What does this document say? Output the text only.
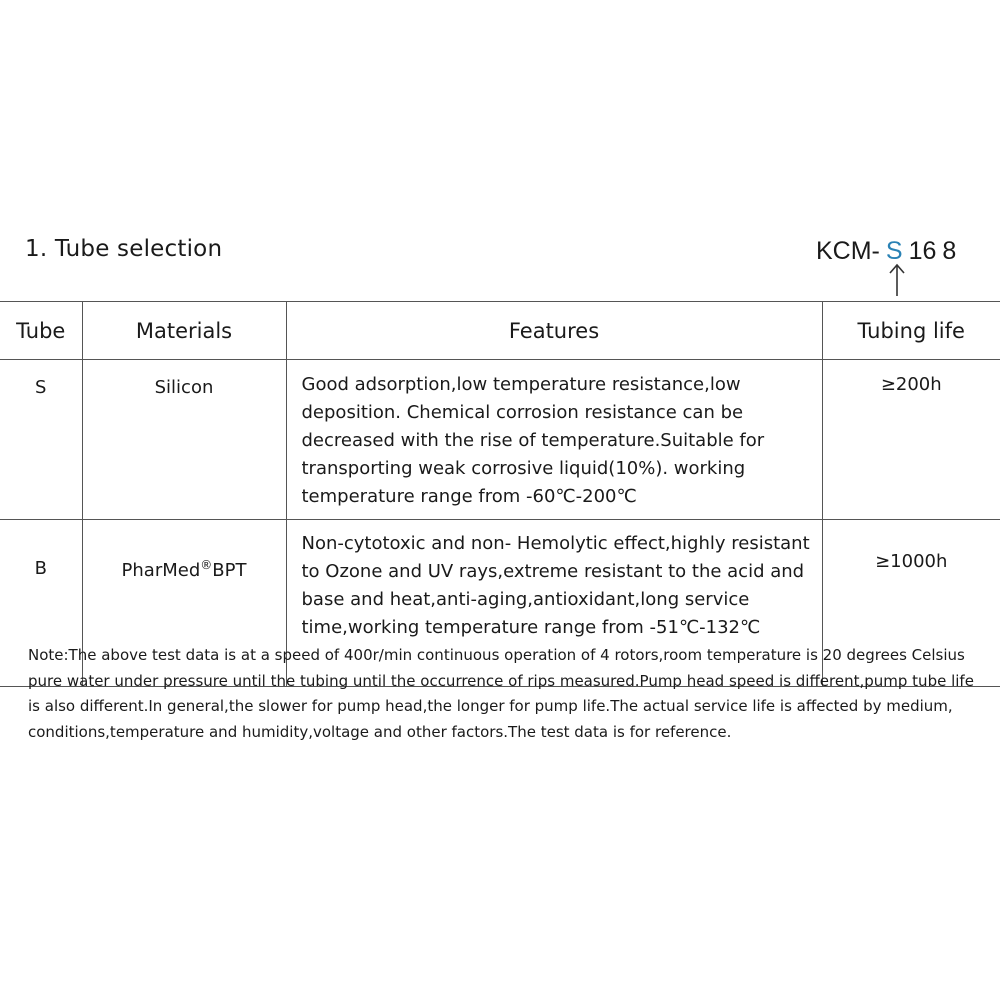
1. Tube selection	KCM- S 16 8
Tube	Materials	Features	Tubing life
S	Silicon	Good adsorption,low temperature resistance,low deposition. Chemical corrosion resistance can be decreased with the rise of temperature.Suitable for transporting weak corrosive liquid(10%). working temperature range from -60℃-200℃	≥200h
B	PharMed®BPT	Non-cytotoxic and non- Hemolytic effect,highly resistant to Ozone and UV rays,extreme resistant to the acid and base and heat,anti-aging,antioxidant,long service time,working temperature range from -51℃-132℃	≥1000h
Note:The above test data is at a speed of 400r/min continuous operation of 4 rotors,room temperature is 20 degrees Celsius pure water under pressure until the tubing until the occurrence of rips measured.Pump head speed is different,pump tube life is also different.In general,the slower for pump head,the longer for pump life.The actual service life is affected by medium, conditions,temperature and humidity,voltage and other factors.The test data is for reference.
